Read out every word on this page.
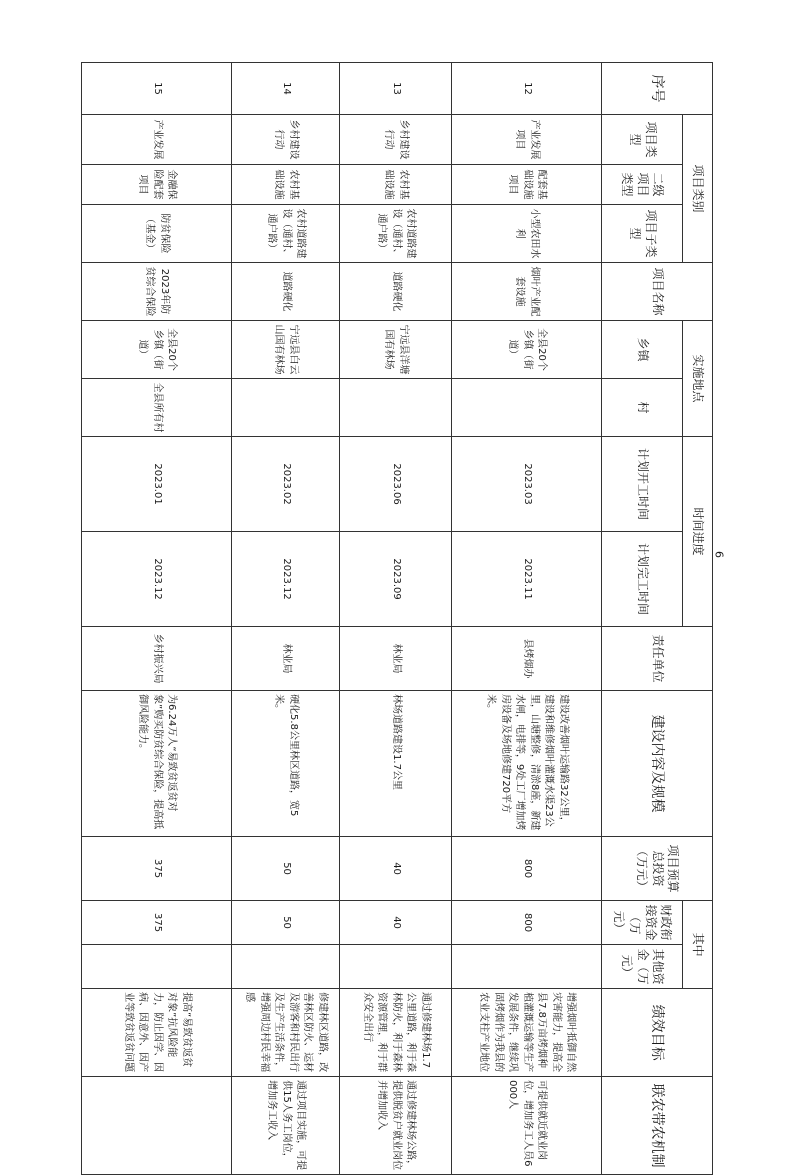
序号	项目类别			项目名称	实施地点		时间进度		责任单位	建设内容及规模	项目预算总投资（万元）	其中		绩效目标	联农带农机制
	项目类型	二级项目类型	项目子类型		乡镇	村	计划开工时间	计划完工时间				财政衔接资金（万元）	其他资金（万元）		

12	产业发展项目	配套基础设施项目	小型农田水利	烟叶产业配套设施	全县20个乡镇（街道）		2023.03	2023.11	县烤烟办	建设改善烟叶运输路32公里，建设和维修烟叶灌溉水渠23公里，山塘整修，清淤8座，新建水闸，电排等，9处工厂增加烤房设备及场地修建720平方米。	800	800		增强烟叶抵御自然灾害能力，提高全县7.8万亩烤烟种植灌溉运输等生产发展条件，继续巩固烤烟作为我县的农业支柱产业地位	可提供就近就业岗位，增加务工人员6000人
13	乡村建设行动	农村基础设施	农村道路建设（通村、通户路）	道路硬化	宁远县洋塘国有林场		2023.06	2023.09	林业局	林场道路建设1.7公里	40	40		通过修建林场1.7公里道路，利于森林防火，利于森林资源管理，利于群众安全出行	通过修建林场公路，提供脱贫户就业岗位并增加收入
14	乡村建设行动	农村基础设施	农村道路建设（通村、通户路）	道路硬化	宁远县白云山国有林场		2023.02	2023.12	林业局	硬化5.8公里林区道路，宽5米。	50	50		修建林区道路，改善林区防火、运材及游客和村民出行及生产生活条件，增强周边村民幸福感	通过项目实施，可提供15人务工岗位，增加务工收入
15	产业发展	金融保险配套项目	防贫保险（基金）	2023年防贫综合保险	全县20个乡镇（街道）	全县所有村	2023.01	2023.12	乡村振兴局	为6.24万人“易致贫返贫对象”购买防贫综合保险，提高抵御风险能力。	375	375		提高“易致贫返贫对象”抗风险能力，防止因学、因病、因意外、因产业等致贫返贫问题	
6
